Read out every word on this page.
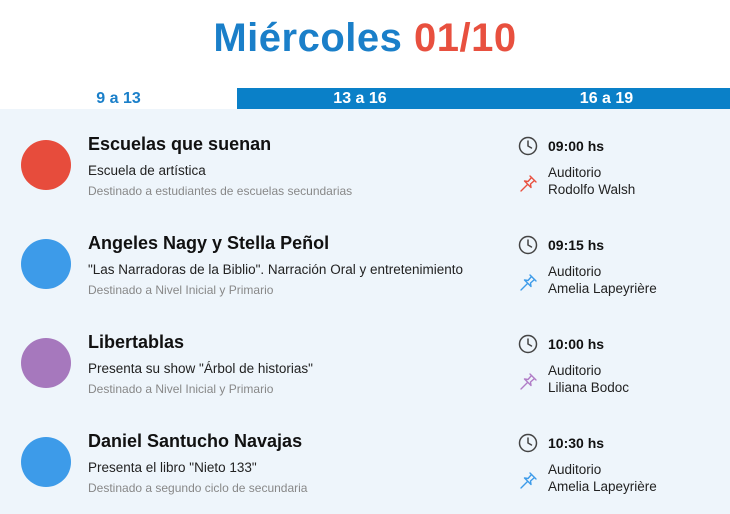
Miércoles 01/10
9 a 13	13 a 16	16 a 19
Escuelas que suenan
Escuela de artística
Destinado a estudiantes de escuelas secundarias
09:00 hs
Auditorio
Rodolfo Walsh
Angeles Nagy y Stella Peñol
"Las Narradoras de la Biblio". Narración Oral y entretenimiento
Destinado a Nivel Inicial y Primario
09:15 hs
Auditorio
Amelia Lapeyrière
Libertablas
Presenta su show "Árbol de historias"
Destinado a Nivel Inicial y Primario
10:00 hs
Auditorio
Liliana Bodoc
Daniel Santucho Navajas
Presenta el libro "Nieto 133"
Destinado a segundo ciclo de secundaria
10:30 hs
Auditorio
Amelia Lapeyrière
